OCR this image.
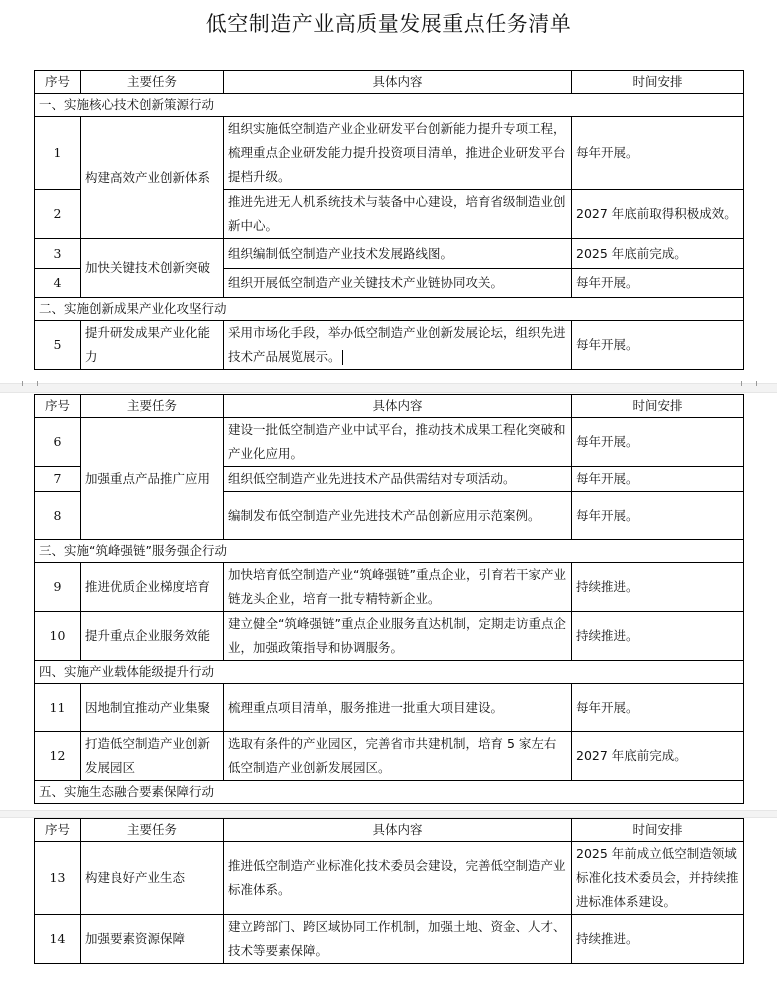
低空制造产业高质量发展重点任务清单
序号	主要任务	具体内容	时间安排
一、实施核心技术创新策源行动			
1	构建高效产业创新体系	组织实施低空制造产业企业研发平台创新能力提升专项工程，梳理重点企业研发能力提升投资项目清单，推进企业研发平台提档升级。	每年开展。
2		推进先进无人机系统技术与装备中心建设，培育省级制造业创新中心。	2027 年底前取得积极成效。
3	加快关键技术创新突破	组织编制低空制造产业技术发展路线图。	2025 年底前完成。
4		组织开展低空制造产业关键技术产业链协同攻关。	每年开展。
二、实施创新成果产业化攻坚行动			
5	提升研发成果产业化能力	采用市场化手段，举办低空制造产业创新发展论坛，组织先进技术产品展览展示。	每年开展。
序号	主要任务	具体内容	时间安排
6	加强重点产品推广应用	建设一批低空制造产业中试平台，推动技术成果工程化突破和产业化应用。	每年开展。
7		组织低空制造产业先进技术产品供需结对专项活动。	每年开展。
8		编制发布低空制造产业先进技术产品创新应用示范案例。	每年开展。
三、实施“筑峰强链”服务强企行动			
9	推进优质企业梯度培育	加快培育低空制造产业“筑峰强链”重点企业，引育若干家产业链龙头企业，培育一批专精特新企业。	持续推进。
10	提升重点企业服务效能	建立健全“筑峰强链”重点企业服务直达机制，定期走访重点企业，加强政策指导和协调服务。	持续推进。
四、实施产业载体能级提升行动			
11	因地制宜推动产业集聚	梳理重点项目清单，服务推进一批重大项目建设。	每年开展。
12	打造低空制造产业创新发展园区	选取有条件的产业园区，完善省市共建机制，培育 5 家左右低空制造产业创新发展园区。	2027 年底前完成。
五、实施生态融合要素保障行动			
序号	主要任务	具体内容	时间安排
13	构建良好产业生态	推进低空制造产业标准化技术委员会建设，完善低空制造产业标准体系。	2025 年前成立低空制造领域标准化技术委员会，并持续推进标准体系建设。
14	加强要素资源保障	建立跨部门、跨区域协同工作机制，加强土地、资金、人才、技术等要素保障。	持续推进。
